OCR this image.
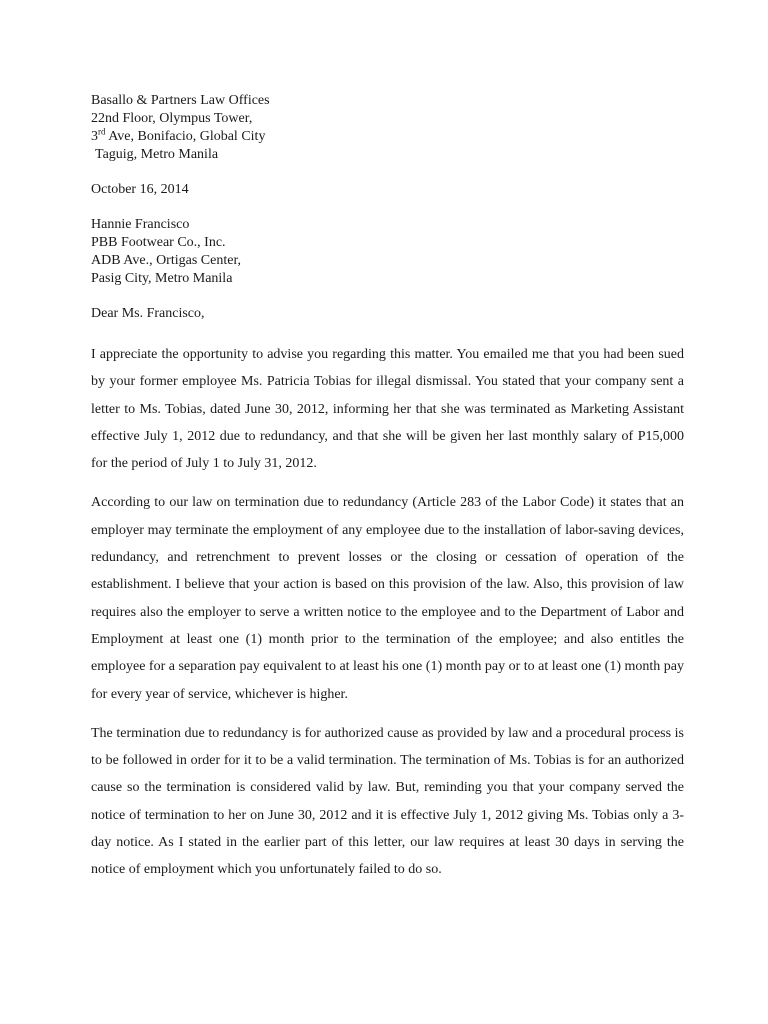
Basallo & Partners Law Offices
22nd Floor, Olympus Tower,
3rd Ave, Bonifacio, Global City
Taguig, Metro Manila
October 16, 2014
Hannie Francisco
PBB Footwear Co., Inc.
ADB Ave., Ortigas Center,
Pasig City, Metro Manila
Dear Ms. Francisco,

I appreciate the opportunity to advise you regarding this matter. You emailed me that you had been sued by your former employee Ms. Patricia Tobias for illegal dismissal. You stated that your company sent a letter to Ms. Tobias, dated June 30, 2012, informing her that she was terminated as Marketing Assistant effective July 1, 2012 due to redundancy, and that she will be given her last monthly salary of P15,000 for the period of July 1 to July 31, 2012.

According to our law on termination due to redundancy (Article 283 of the Labor Code) it states that an employer may terminate the employment of any employee due to the installation of labor-saving devices, redundancy, and retrenchment to prevent losses or the closing or cessation of operation of the establishment. I believe that your action is based on this provision of the law. Also, this provision of law requires also the employer to serve a written notice to the employee and to the Department of Labor and Employment at least one (1) month prior to the termination of the employee; and also entitles the employee for a separation pay equivalent to at least his one (1) month pay or to at least one (1) month pay for every year of service, whichever is higher.

The termination due to redundancy is for authorized cause as provided by law and a procedural process is to be followed in order for it to be a valid termination. The termination of Ms. Tobias is for an authorized cause so the termination is considered valid by law. But, reminding you that your company served the notice of termination to her on June 30, 2012 and it is effective July 1, 2012 giving Ms. Tobias only a 3-day notice. As I stated in the earlier part of this letter, our law requires at least 30 days in serving the notice of employment which you unfortunately failed to do so.
